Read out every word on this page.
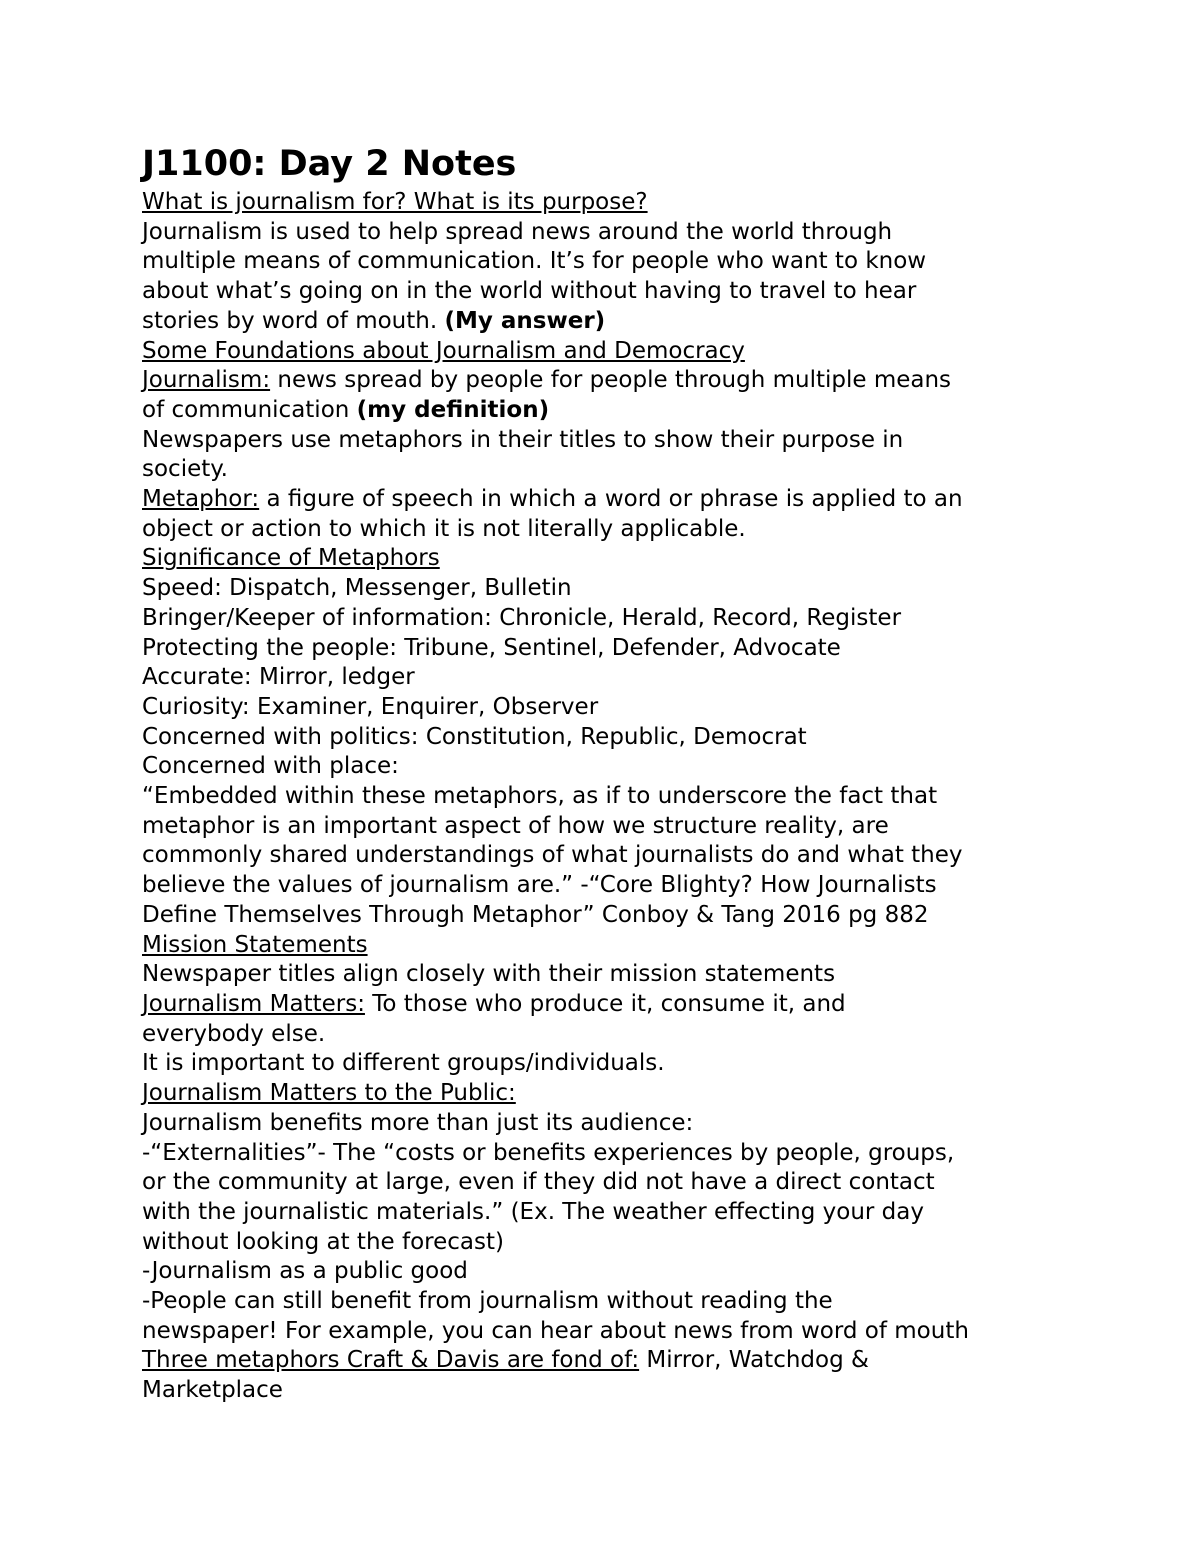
J1100: Day 2 Notes
What is journalism for? What is its purpose?
Journalism is used to help spread news around the world through
multiple means of communication. It’s for people who want to know
about what’s going on in the world without having to travel to hear
stories by word of mouth. (My answer)
Some Foundations about Journalism and Democracy
Journalism: news spread by people for people through multiple means
of communication (my definition)
Newspapers use metaphors in their titles to show their purpose in
society.
Metaphor: a figure of speech in which a word or phrase is applied to an
object or action to which it is not literally applicable.
Significance of Metaphors
Speed: Dispatch, Messenger, Bulletin
Bringer/Keeper of information: Chronicle, Herald, Record, Register
Protecting the people: Tribune, Sentinel, Defender, Advocate
Accurate: Mirror, ledger
Curiosity: Examiner, Enquirer, Observer
Concerned with politics: Constitution, Republic, Democrat
Concerned with place:
“Embedded within these metaphors, as if to underscore the fact that
metaphor is an important aspect of how we structure reality, are
commonly shared understandings of what journalists do and what they
believe the values of journalism are.” -“Core Blighty? How Journalists
Define Themselves Through Metaphor” Conboy & Tang 2016 pg 882
Mission Statements
Newspaper titles align closely with their mission statements
Journalism Matters: To those who produce it, consume it, and
everybody else.
It is important to different groups/individuals.
Journalism Matters to the Public:
Journalism benefits more than just its audience:
-“Externalities”- The “costs or benefits experiences by people, groups,
or the community at large, even if they did not have a direct contact
with the journalistic materials.” (Ex. The weather effecting your day
without looking at the forecast)
-Journalism as a public good
-People can still benefit from journalism without reading the
newspaper! For example, you can hear about news from word of mouth
Three metaphors Craft & Davis are fond of: Mirror, Watchdog &
Marketplace
